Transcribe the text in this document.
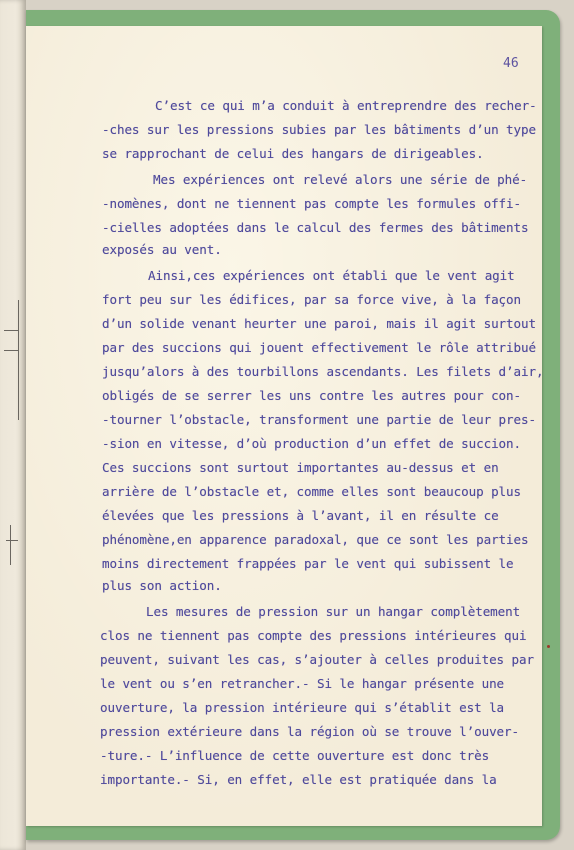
46
C’est ce qui m’a conduit à entreprendre des recher-
-ches sur les pressions subies par les bâtiments d’un type
se rapprochant de celui des hangars de dirigeables.
Mes expériences ont relevé alors une série de phé-
-nomènes, dont ne tiennent pas compte les formules offi-
-cielles adoptées dans le calcul des fermes des bâtiments
exposés au vent.
Ainsi,ces expériences ont établi que le vent agit
fort peu sur les édifices, par sa force vive, à la façon
d’un solide venant heurter une paroi, mais il agit surtout
par des succions qui jouent effectivement le rôle attribué
jusqu’alors à des tourbillons ascendants. Les filets d’air,
obligés de se serrer les uns contre les autres pour con-
-tourner l’obstacle, transforment une partie de leur pres-
-sion en vitesse, d’où production d’un effet de succion.
Ces succions sont surtout importantes au-dessus et en
arrière de l’obstacle et, comme elles sont beaucoup plus
élevées que les pressions à l’avant, il en résulte ce
phénomène,en apparence paradoxal, que ce sont les parties
moins directement frappées par le vent qui subissent le
plus son action.
Les mesures de pression sur un hangar complètement
clos ne tiennent pas compte des pressions intérieures qui
peuvent, suivant les cas, s’ajouter à celles produites par
le vent ou s’en retrancher.- Si le hangar présente une
ouverture, la pression intérieure qui s’établit est la
pression extérieure dans la région où se trouve l’ouver-
-ture.- L’influence de cette ouverture est donc très
importante.- Si, en effet, elle est pratiquée dans la
